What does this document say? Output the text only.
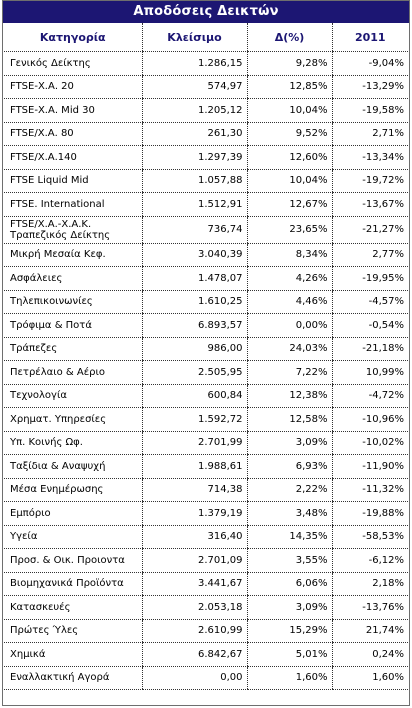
Αποδόσεις Δεικτών
Κατηγορία	Κλείσιμο	Δ(%)	2011
Γενικός Δείκτης	1.286,15	9,28%	-9,04%
FTSE-Χ.Α. 20	574,97	12,85%	-13,29%
FTSE-Χ.Α. Mid 30	1.205,12	10,04%	-19,58%
FTSE/Χ.Α. 80	261,30	9,52%	2,71%
FTSE/Χ.Α.140	1.297,39	12,60%	-13,34%
FTSE Liquid Mid	1.057,88	10,04%	-19,72%
FTSE. International	1.512,91	12,67%	-13,67%

FTSE/Χ.Α.-Χ.Α.Κ. Τραπεζικός Δείκτης	736,74	23,65%	-21,27%
Μικρή Μεσαία Κεφ.	3.040,39	8,34%	2,77%
Ασφάλειες	1.478,07	4,26%	-19,95%
Τηλεπικοινωνίες	1.610,25	4,46%	-4,57%
Τρόφιμα & Ποτά	6.893,57	0,00%	-0,54%
Τράπεζες	986,00	24,03%	-21,18%
Πετρέλαιο & Αέριο	2.505,95	7,22%	10,99%
Τεχνολογία	600,84	12,38%	-4,72%
Χρηματ. Υπηρεσίες	1.592,72	12,58%	-10,96%
Υπ. Κοινής Ωφ.	2.701,99	3,09%	-10,02%
Ταξίδια & Αναψυχή	1.988,61	6,93%	-11,90%
Μέσα Ενημέρωσης	714,38	2,22%	-11,32%
Εμπόριο	1.379,19	3,48%	-19,88%
Υγεία	316,40	14,35%	-58,53%
Προσ. & Οικ. Προιοντα	2.701,09	3,55%	-6,12%
Βιομηχανικά Προϊόντα	3.441,67	6,06%	2,18%
Κατασκευές	2.053,18	3,09%	-13,76%
Πρώτες Ύλες	2.610,99	15,29%	21,74%
Χημικά	6.842,67	5,01%	0,24%
Εναλλακτική Αγορά	0,00	1,60%	1,60%
